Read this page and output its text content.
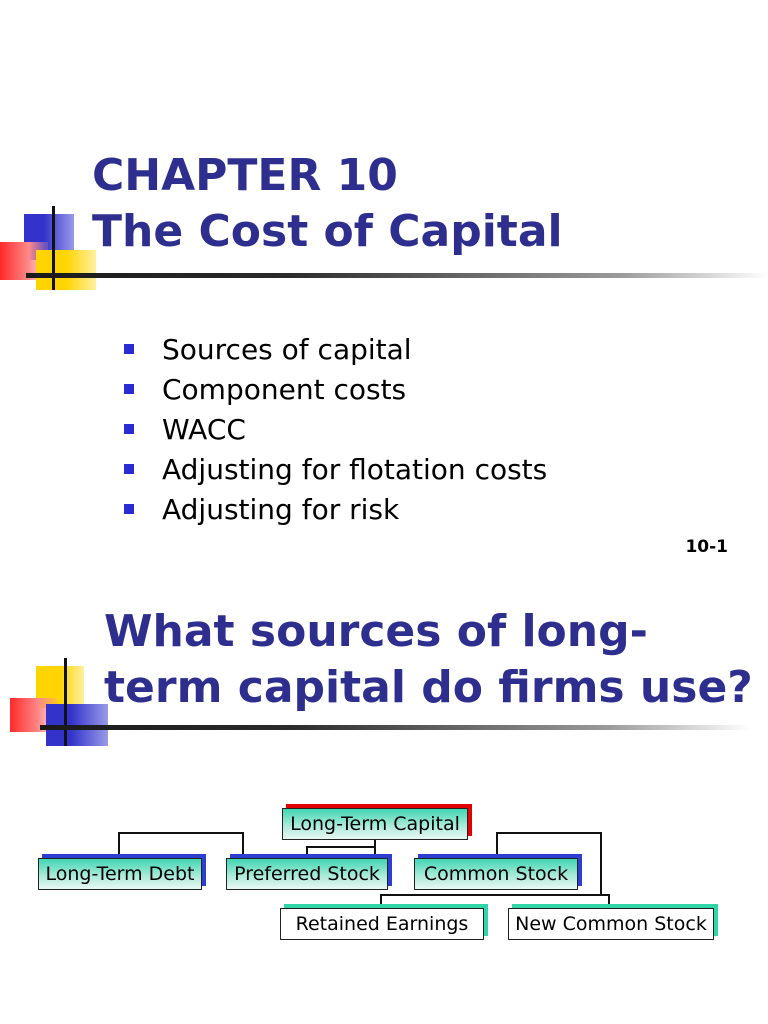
CHAPTER 10
The Cost of Capital
Sources of capital
Component costs
WACC
Adjusting for flotation costs
Adjusting for risk
10-1
What sources of long-
term capital do firms use?
Long-Term Capital
Long-Term Debt	Preferred Stock	Common Stock
Retained Earnings	New Common Stock
